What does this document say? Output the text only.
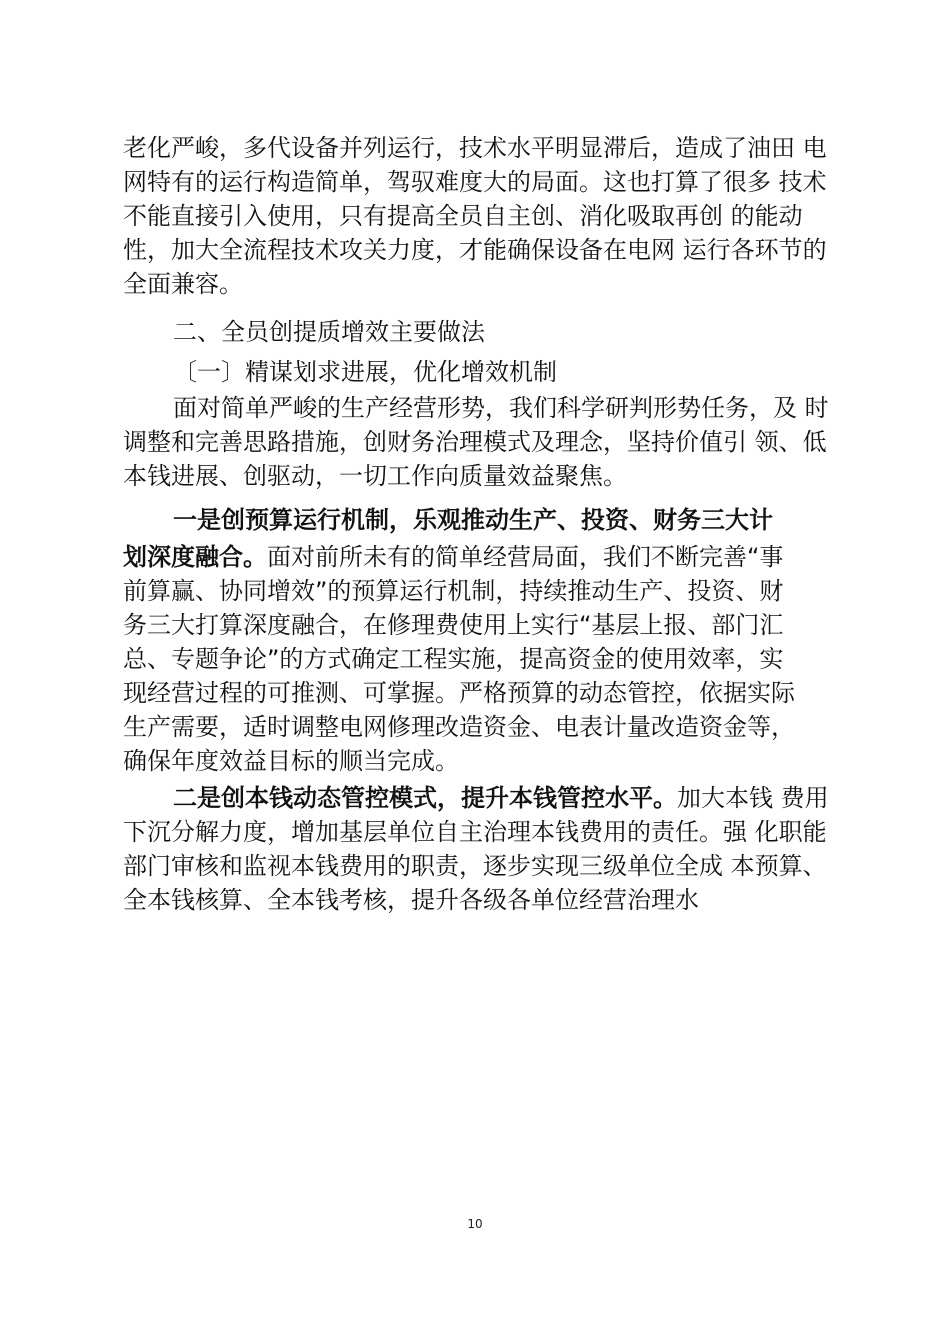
老化严峻，多代设备并列运行，技术水平明显滞后，造成了油田 电
网特有的运行构造简单，驾驭难度大的局面。这也打算了很多 技术
不能直接引入使用，只有提高全员自主创、消化吸取再创 的能动
性，加大全流程技术攻关力度，才能确保设备在电网 运行各环节的
全面兼容。
二、全员创提质增效主要做法
〔一〕精谋划求进展，优化增效机制
面对简单严峻的生产经营形势，我们科学研判形势任务，及 时
调整和完善思路措施，创财务治理模式及理念，坚持价值引 领、低
本钱进展、创驱动，一切工作向质量效益聚焦。
一是创预算运行机制，乐观推动生产、投资、财务三大计
划深度融合。面对前所未有的简单经营局面，我们不断完善“事
前算赢、协同增效”的预算运行机制，持续推动生产、投资、财
务三大打算深度融合，在修理费使用上实行“基层上报、部门汇
总、专题争论”的方式确定工程实施，提高资金的使用效率，实
现经营过程的可推测、可掌握。严格预算的动态管控，依据实际
生产需要，适时调整电网修理改造资金、电表计量改造资金等，
确保年度效益目标的顺当完成。
二是创本钱动态管控模式，提升本钱管控水平。加大本钱 费用
下沉分解力度，增加基层单位自主治理本钱费用的责任。强 化职能
部门审核和监视本钱费用的职责，逐步实现三级单位全成 本预算、
全本钱核算、全本钱考核，提升各级各单位经营治理水
10
